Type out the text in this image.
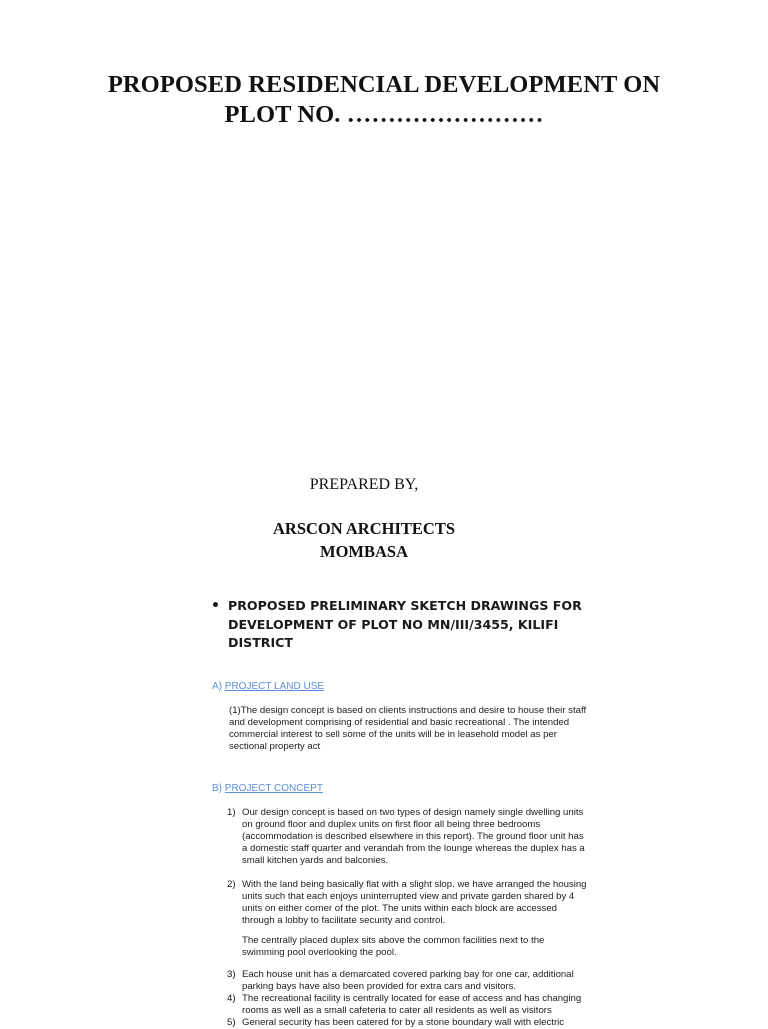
PROPOSED RESIDENCIAL DEVELOPMENT ON
PLOT NO. ……………………
PREPARED BY,
ARSCON ARCHITECTS
MOMBASA
• PROPOSED PRELIMINARY SKETCH DRAWINGS FOR
DEVELOPMENT OF PLOT NO MN/III/3455, KILIFI
DISTRICT
A) PROJECT LAND USE
(1)The design concept is based on clients instructions and desire to house their staff
and development comprising of residential and basic recreational . The intended
commercial interest to sell some of the units will be in leasehold model as per
sectional property act
B) PROJECT CONCEPT
1) Our design concept is based on two types of design namely single dwelling units
on ground floor and duplex units on first floor all being three bedrooms
(accommodation is described elsewhere in this report). The ground floor unit has
a domestic staff quarter and verandah from the lounge whereas the duplex has a
small kitchen yards and balconies.
2) With the land being basically flat with a slight slop. we have arranged the housing
units such that each enjoys uninterrupted view and private garden shared by 4
units on either corner of the plot. The units within each block are accessed
through a lobby to facilitate security and control.
The centrally placed duplex sits above the common facilities next to the
swimming pool overlooking the pool.
3) Each house unit has a demarcated covered parking bay for one car, additional
parking bays have also been provided for extra cars and visitors.
4) The recreational facility is centrally located for ease of access and has changing
rooms as well as a small cafeteria to cater all residents as well as visitors
5) General security has been catered for by a stone boundary wall with electric
